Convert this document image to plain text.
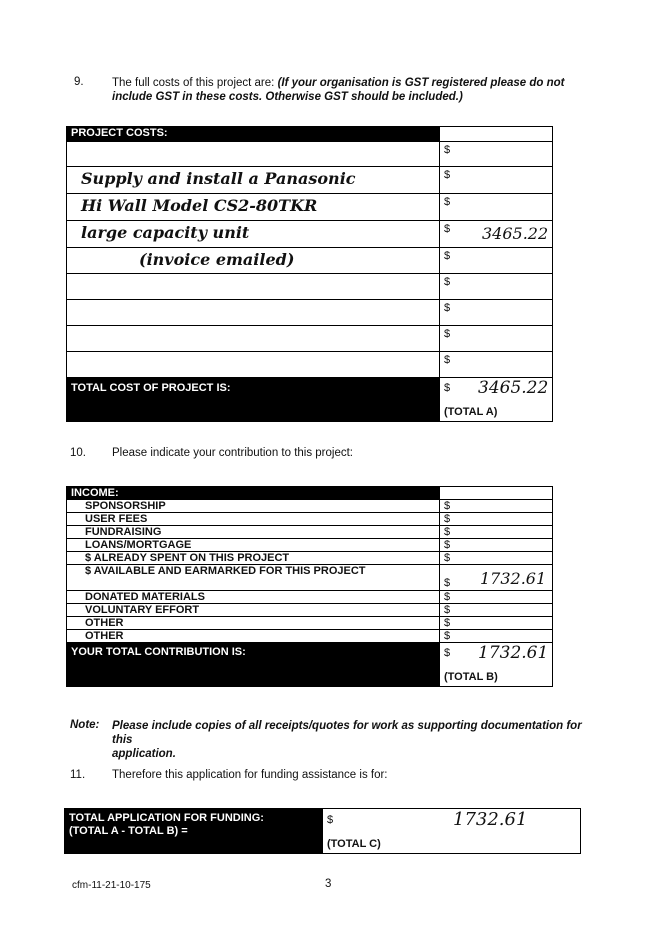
9. The full costs of this project are: (If your organisation is GST registered please do not
include GST in these costs. Otherwise GST should be included.)
PROJECT COSTS:	

	$

Supply and install a Panasonic	$

Hi Wall Model CS2-80TKR	$

large capacity unit	$ 3465.22

(invoice emailed)	$

	$

	$

	$

	$

TOTAL COST OF PROJECT IS:	$ 3465.22
(TOTAL A)
10. Please indicate your contribution to this project:
INCOME:	
SPONSORSHIP	$

USER FEES	$

FUNDRAISING	$

LOANS/MORTGAGE	$

$ ALREADY SPENT ON THIS PROJECT	$

$ AVAILABLE AND EARMARKED FOR THIS PROJECT	$ 1732.61

DONATED MATERIALS	$

VOLUNTARY EFFORT	$

OTHER	$

OTHER	$

YOUR TOTAL CONTRIBUTION IS:	$ 1732.61
(TOTAL B)
Note: Please include copies of all receipts/quotes for work as supporting documentation for this
application.
11. Therefore this application for funding assistance is for:
TOTAL APPLICATION FOR FUNDING:
(TOTAL A - TOTAL B) =	
$	1732.61
(TOTAL C)
cfm-11-21-10-175	3
